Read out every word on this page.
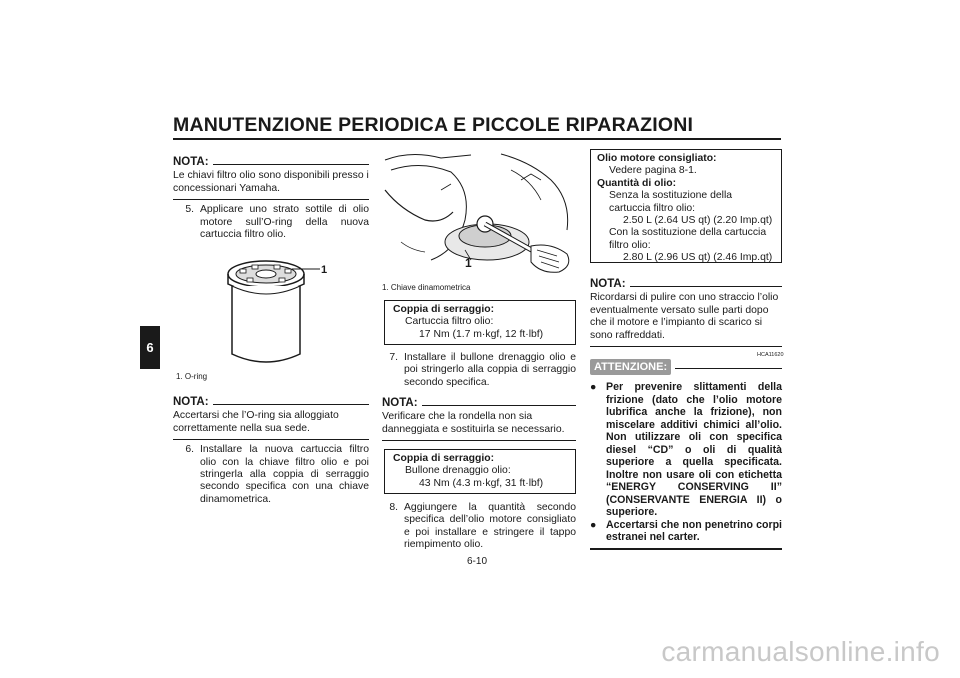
MANUTENZIONE PERIODICA E PICCOLE RIPARAZIONI
6
NOTA:
Le chiavi filtro olio sono disponibili presso i concessionari Yamaha.
5. Applicare uno strato sottile di olio motore sull’O-ring della nuova cartuccia filtro olio.
1
1. O-ring
NOTA:
Accertarsi che l’O-ring sia alloggiato correttamente nella sua sede.
6. Installare la nuova cartuccia filtro olio con la chiave filtro olio e poi stringerla alla coppia di serraggio secondo specifica con una chiave dinamometrica.
1
1. Chiave dinamometrica
Coppia di serraggio:
Cartuccia filtro olio:
17 Nm (1.7 m·kgf, 12 ft·lbf)
7. Installare il bullone drenaggio olio e poi stringerlo alla coppia di serraggio secondo specifica.
NOTA:
Verificare che la rondella non sia danneggiata e sostituirla se necessario.
Coppia di serraggio:
Bullone drenaggio olio:
43 Nm (4.3 m·kgf, 31 ft·lbf)
8. Aggiungere la quantità secondo specifica dell’olio motore consigliato e poi installare e stringere il tappo riempimento olio.
Olio motore consigliato:
Vedere pagina 8-1.
Quantità di olio:
Senza la sostituzione della cartuccia filtro olio:
2.50 L (2.64 US qt) (2.20 Imp.qt)
Con la sostituzione della cartuccia filtro olio:
2.80 L (2.96 US qt) (2.46 Imp.qt)
NOTA:
Ricordarsi di pulire con uno straccio l’olio eventualmente versato sulle parti dopo che il motore e l’impianto di scarico si sono raffreddati.
HCA11620
ATTENZIONE:
● Per prevenire slittamenti della frizione (dato che l’olio motore lubrifica anche la frizione), non miscelare additivi chimici all’olio. Non utilizzare oli con specifica diesel “CD” o oli di qualità superiore a quella specificata. Inoltre non usare oli con etichetta “ENERGY CONSERVING II” (CONSERVANTE ENERGIA II) o superiore.
● Accertarsi che non penetrino corpi estranei nel carter.
6-10
carmanualsonline.info
